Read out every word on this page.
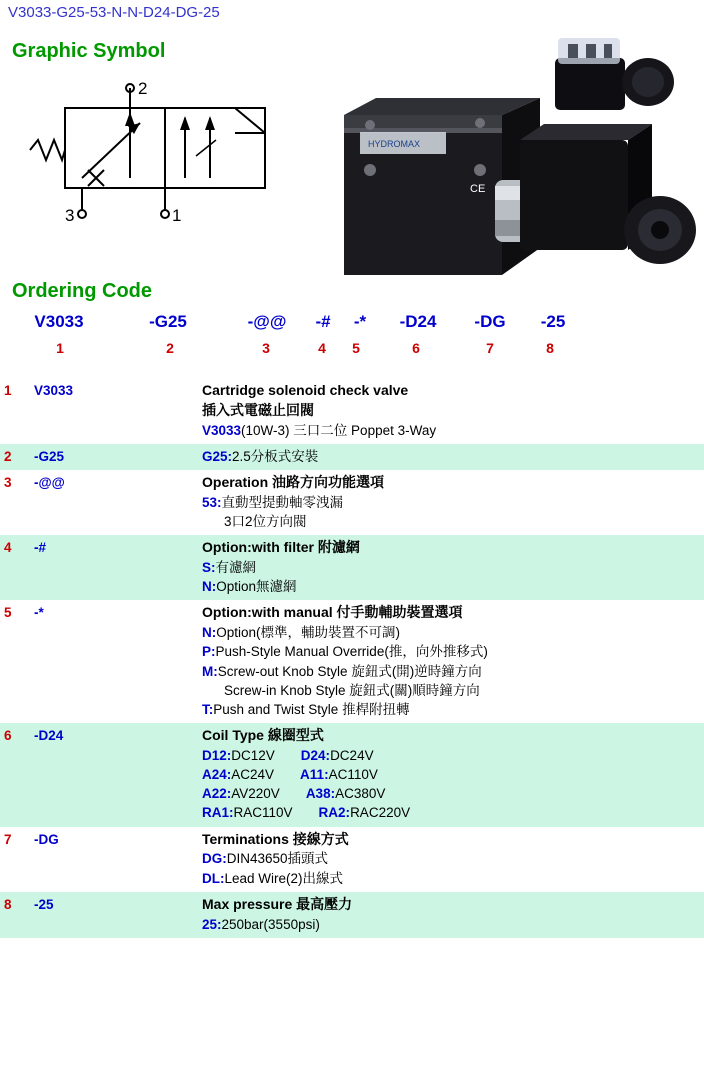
V3033-G25-53-N-N-D24-DG-25
Graphic Symbol
2
3	1
HYDROMAX
CE
Ordering Code
V3033	-G25	-@@	-#	-*	-D24	-DG	-25
1	2	3	4	5	6	7	8
1	V3033	Cartridge solenoid check valve
插入式電磁止回閥
V3033(10W-3) 三口二位 Poppet 3-Way

2	-G25	G25:2.5分板式安裝

3	-@@	Operation 油路方向功能選項
53:直動型提動軸零洩漏
3口2位方向閥

4	-#	Option:with filter 附濾網
S:有濾網
N:Option無濾網

5	-*	Option:with manual 付手動輔助裝置選項
N:Option(標準，輔助裝置不可調)
P:Push-Style Manual Override(推，向外推移式)
M:Screw-out Knob Style 旋鈕式(開)逆時鐘方向
Screw-in Knob Style 旋鈕式(關)順時鐘方向
T:Push and Twist Style 推桿附扭轉

6	-D24	Coil Type 線圈型式
D12:DC12V D24:DC24V
A24:AC24V A11:AC110V
A22:AV220V A38:AC380V
RA1:RAC110V RA2:RAC220V

7	-DG	Terminations 接線方式
DG:DIN43650插頭式
DL:Lead Wire(2)出線式

8	-25	Max pressure 最高壓力
25:250bar(3550psi)
